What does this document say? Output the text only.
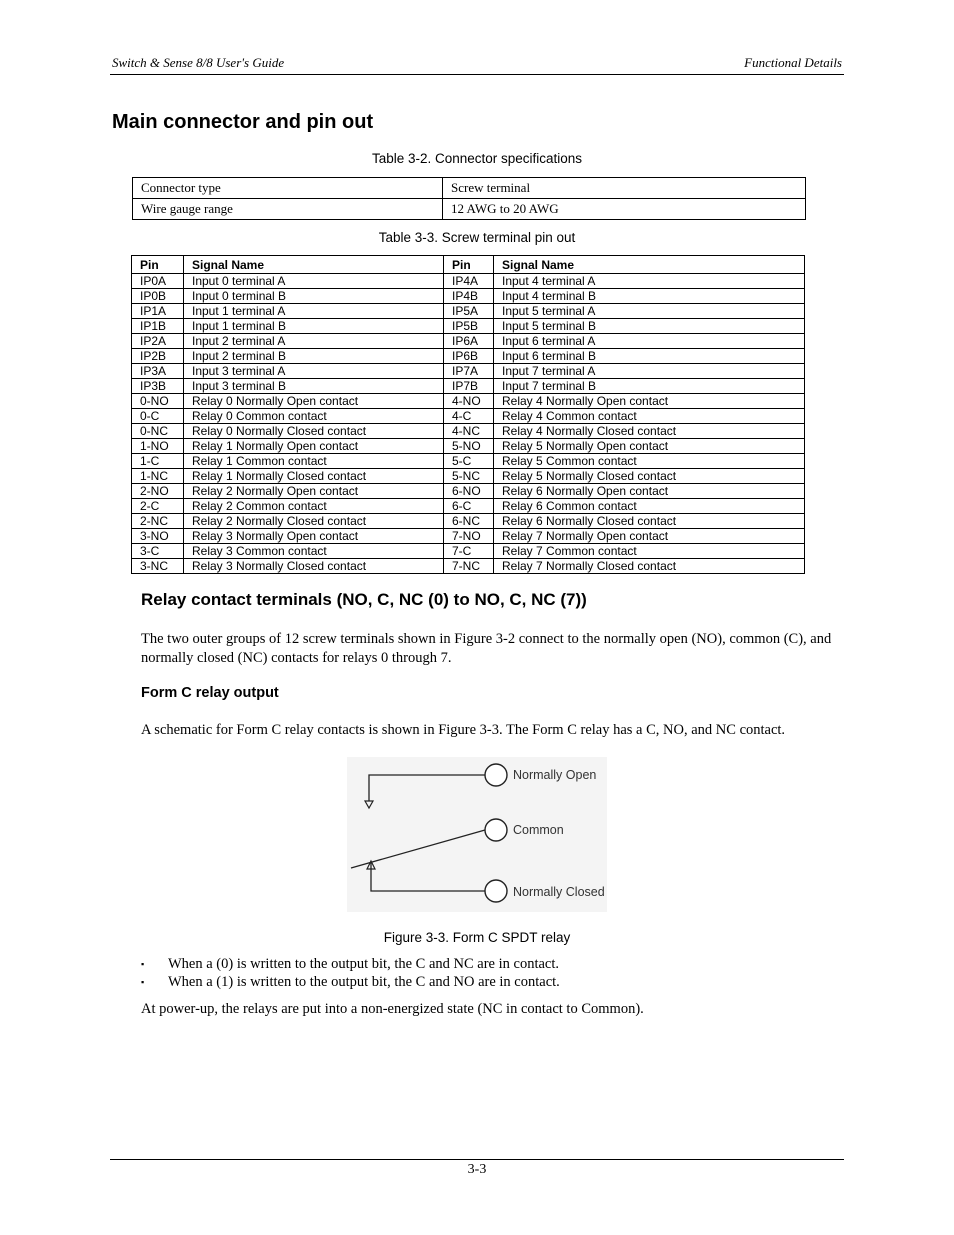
Switch & Sense 8/8 User's Guide	Functional Details
Main connector and pin out
Table 3-2. Connector specifications
Connector type	Screw terminal
Wire gauge range	12 AWG to 20 AWG
Table 3-3. Screw terminal pin out
Pin	Signal Name	Pin	Signal Name
IP0A	Input 0 terminal A	IP4A	Input 4 terminal A
IP0B	Input 0 terminal B	IP4B	Input 4 terminal B
IP1A	Input 1 terminal A	IP5A	Input 5 terminal A
IP1B	Input 1 terminal B	IP5B	Input 5 terminal B
IP2A	Input 2 terminal A	IP6A	Input 6 terminal A
IP2B	Input 2 terminal B	IP6B	Input 6 terminal B
IP3A	Input 3 terminal A	IP7A	Input 7 terminal A
IP3B	Input 3 terminal B	IP7B	Input 7 terminal B
0-NO	Relay 0 Normally Open contact	4-NO	Relay 4 Normally Open contact
0-C	Relay 0 Common contact	4-C	Relay 4 Common contact
0-NC	Relay 0 Normally Closed contact	4-NC	Relay 4 Normally Closed contact
1-NO	Relay 1 Normally Open contact	5-NO	Relay 5 Normally Open contact
1-C	Relay 1 Common contact	5-C	Relay 5 Common contact
1-NC	Relay 1 Normally Closed contact	5-NC	Relay 5 Normally Closed contact
2-NO	Relay 2 Normally Open contact	6-NO	Relay 6 Normally Open contact
2-C	Relay 2 Common contact	6-C	Relay 6 Common contact
2-NC	Relay 2 Normally Closed contact	6-NC	Relay 6 Normally Closed contact
3-NO	Relay 3 Normally Open contact	7-NO	Relay 7 Normally Open contact
3-C	Relay 3 Common contact	7-C	Relay 7 Common contact
3-NC	Relay 3 Normally Closed contact	7-NC	Relay 7 Normally Closed contact
Relay contact terminals (NO, C, NC (0) to NO, C, NC (7))

The two outer groups of 12 screw terminals shown in Figure 3-2 connect to the normally open (NO), common (C), and normally closed (NC) contacts for relays 0 through 7.

Form C relay output

A schematic for Form C relay contacts is shown in Figure 3-3. The Form C relay has a C, NO, and NC contact.

Normally Open
Common
Normally Closed
Figure 3-3. Form C SPDT relay
▪ When a (0) is written to the output bit, the C and NC are in contact.
▪ When a (1) is written to the output bit, the C and NO are in contact.

At power-up, the relays are put into a non-energized state (NC in contact to Common).

3-3
